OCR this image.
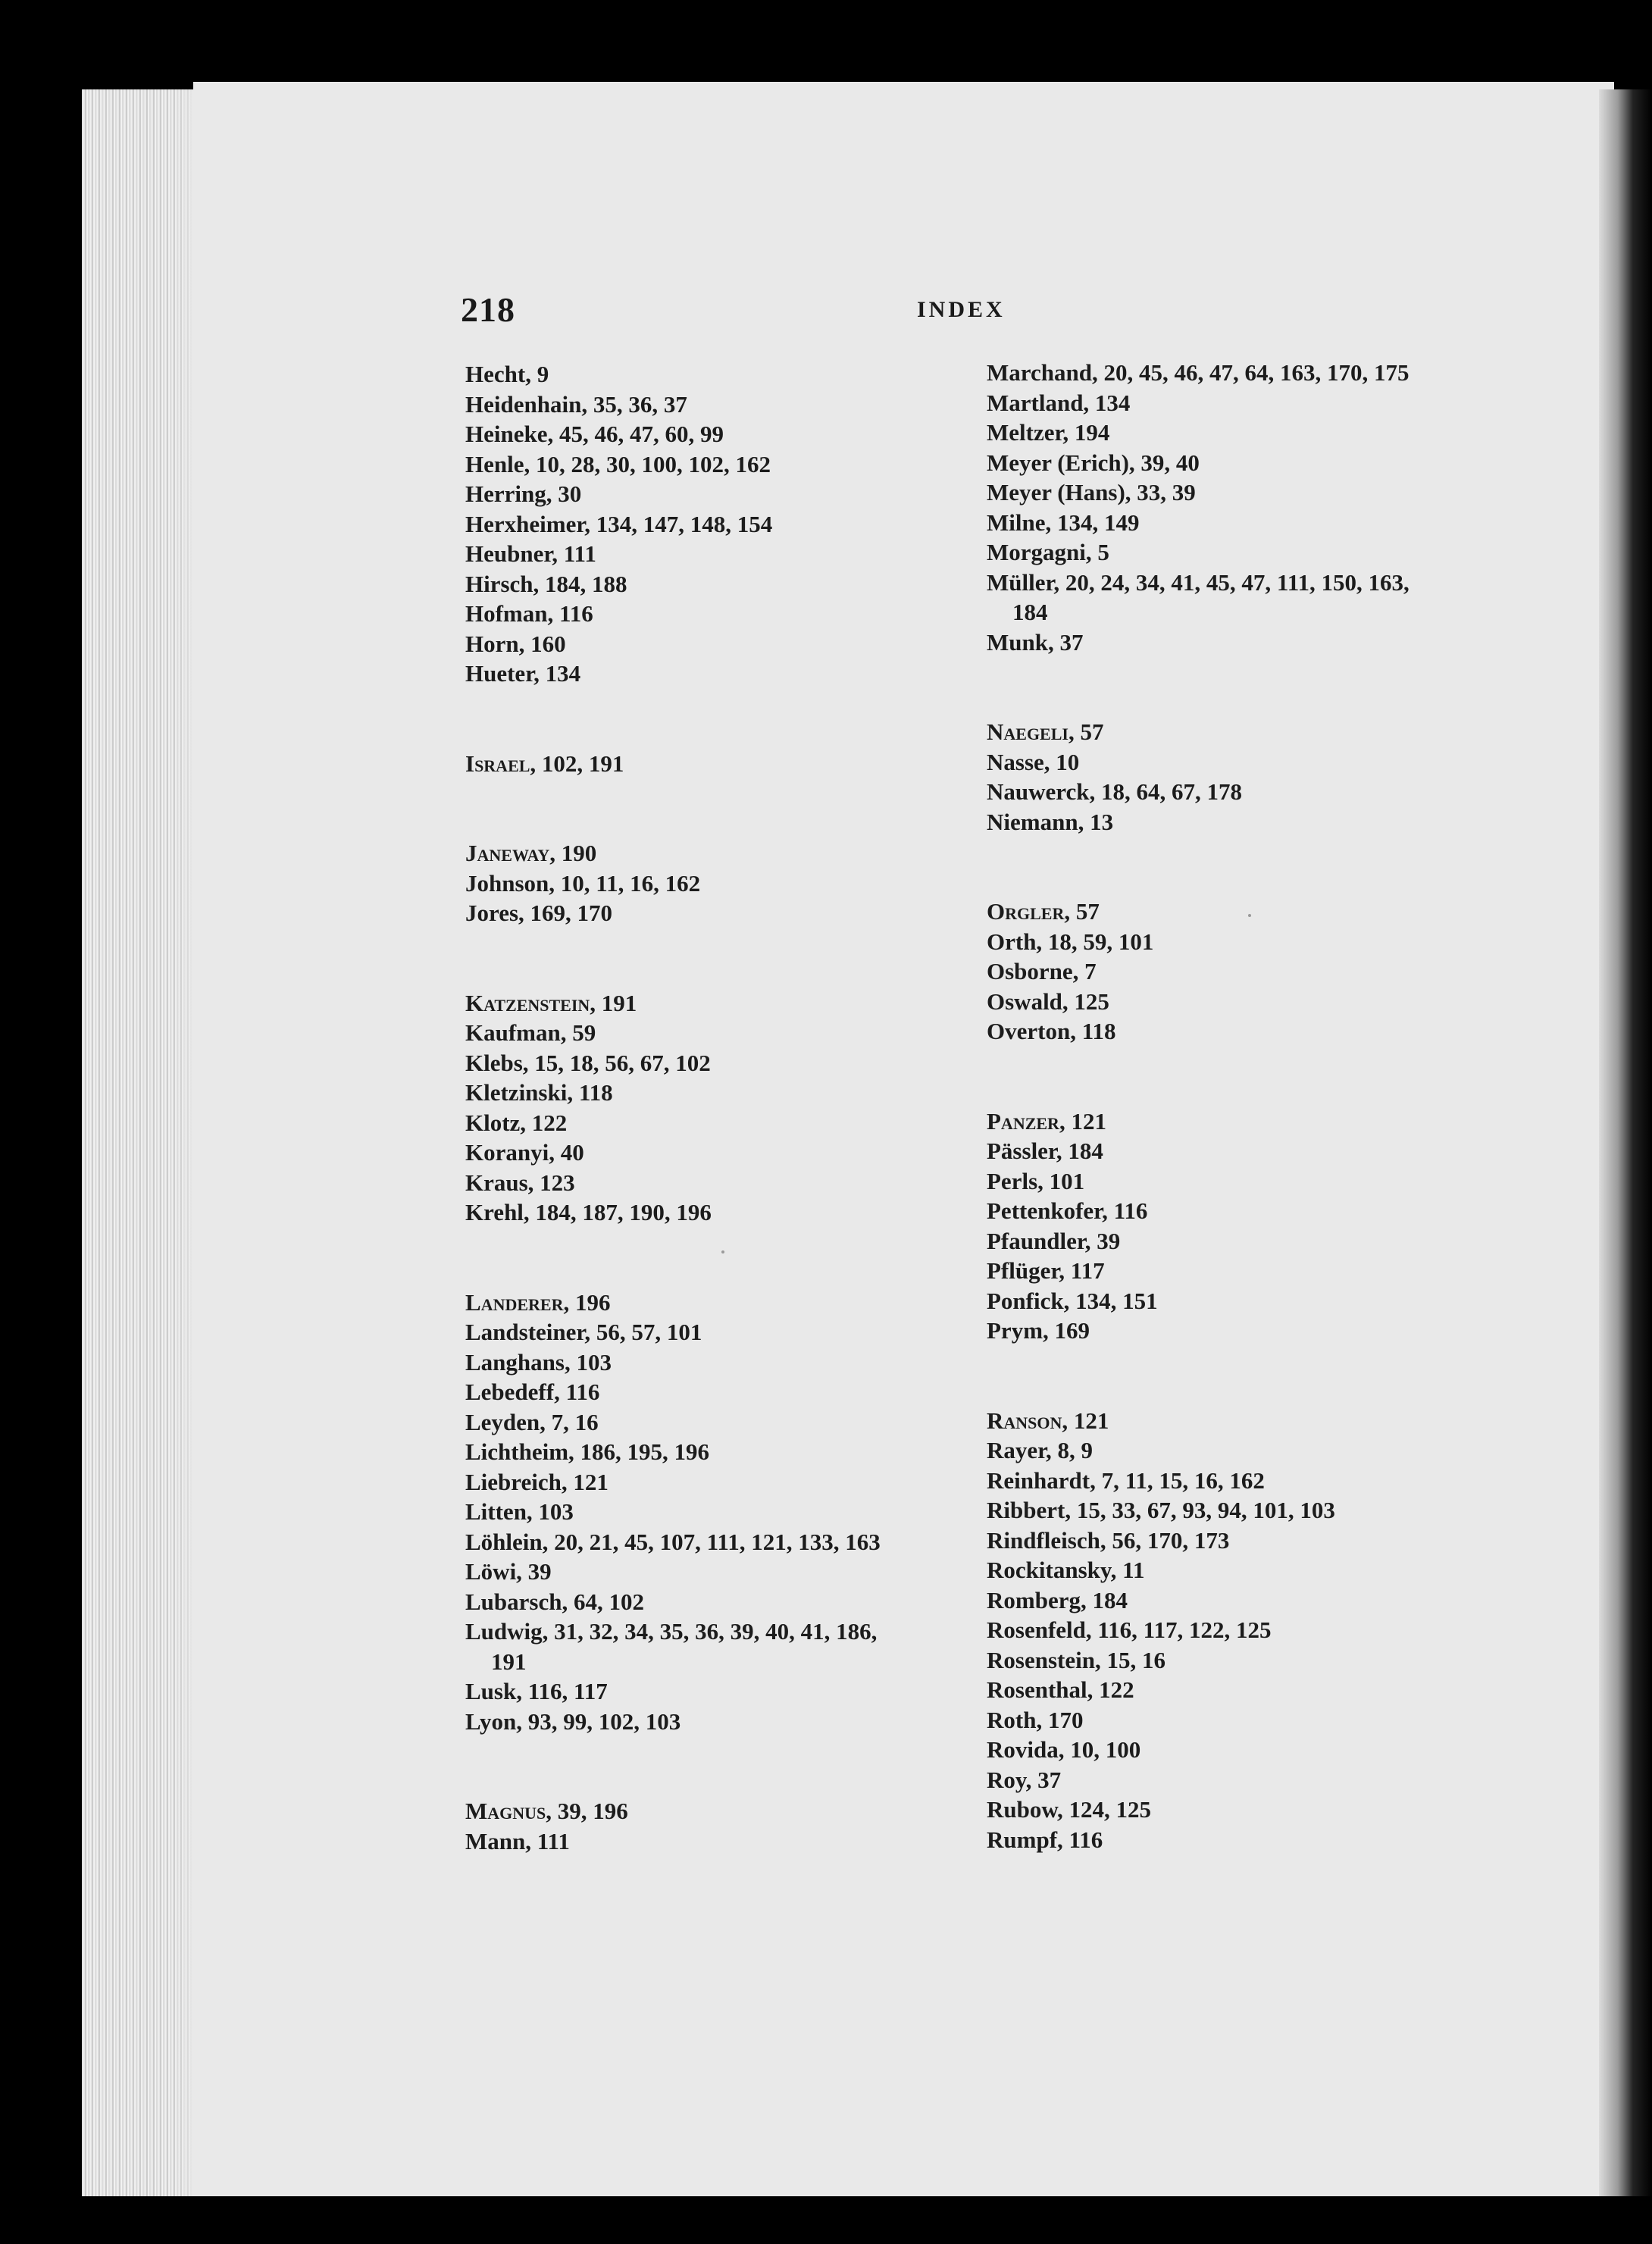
218	INDEX
Hecht, 9
Heidenhain, 35, 36, 37
Heineke, 45, 46, 47, 60, 99
Henle, 10, 28, 30, 100, 102, 162
Herring, 30
Herxheimer, 134, 147, 148, 154
Heubner, 111
Hirsch, 184, 188
Hofman, 116
Horn, 160
Hueter, 134
Israel, 102, 191
Janeway, 190
Johnson, 10, 11, 16, 162
Jores, 169, 170
Katzenstein, 191
Kaufman, 59
Klebs, 15, 18, 56, 67, 102
Kletzinski, 118
Klotz, 122
Koranyi, 40
Kraus, 123
Krehl, 184, 187, 190, 196
Landerer, 196
Landsteiner, 56, 57, 101
Langhans, 103
Lebedeff, 116
Leyden, 7, 16
Lichtheim, 186, 195, 196
Liebreich, 121
Litten, 103
Löhlein, 20, 21, 45, 107, 111, 121, 133, 163
Löwi, 39
Lubarsch, 64, 102
Ludwig, 31, 32, 34, 35, 36, 39, 40, 41, 186,
191
Lusk, 116, 117
Lyon, 93, 99, 102, 103
Magnus, 39, 196
Mann, 111
Marchand, 20, 45, 46, 47, 64, 163, 170, 175
Martland, 134
Meltzer, 194
Meyer (Erich), 39, 40
Meyer (Hans), 33, 39
Milne, 134, 149
Morgagni, 5
Müller, 20, 24, 34, 41, 45, 47, 111, 150, 163,
184
Munk, 37
Naegeli, 57
Nasse, 10
Nauwerck, 18, 64, 67, 178
Niemann, 13
Orgler, 57
Orth, 18, 59, 101
Osborne, 7
Oswald, 125
Overton, 118
Panzer, 121
Pässler, 184
Perls, 101
Pettenkofer, 116
Pfaundler, 39
Pflüger, 117
Ponfick, 134, 151
Prym, 169
Ranson, 121
Rayer, 8, 9
Reinhardt, 7, 11, 15, 16, 162
Ribbert, 15, 33, 67, 93, 94, 101, 103
Rindfleisch, 56, 170, 173
Rockitansky, 11
Romberg, 184
Rosenfeld, 116, 117, 122, 125
Rosenstein, 15, 16
Rosenthal, 122
Roth, 170
Rovida, 10, 100
Roy, 37
Rubow, 124, 125
Rumpf, 116
